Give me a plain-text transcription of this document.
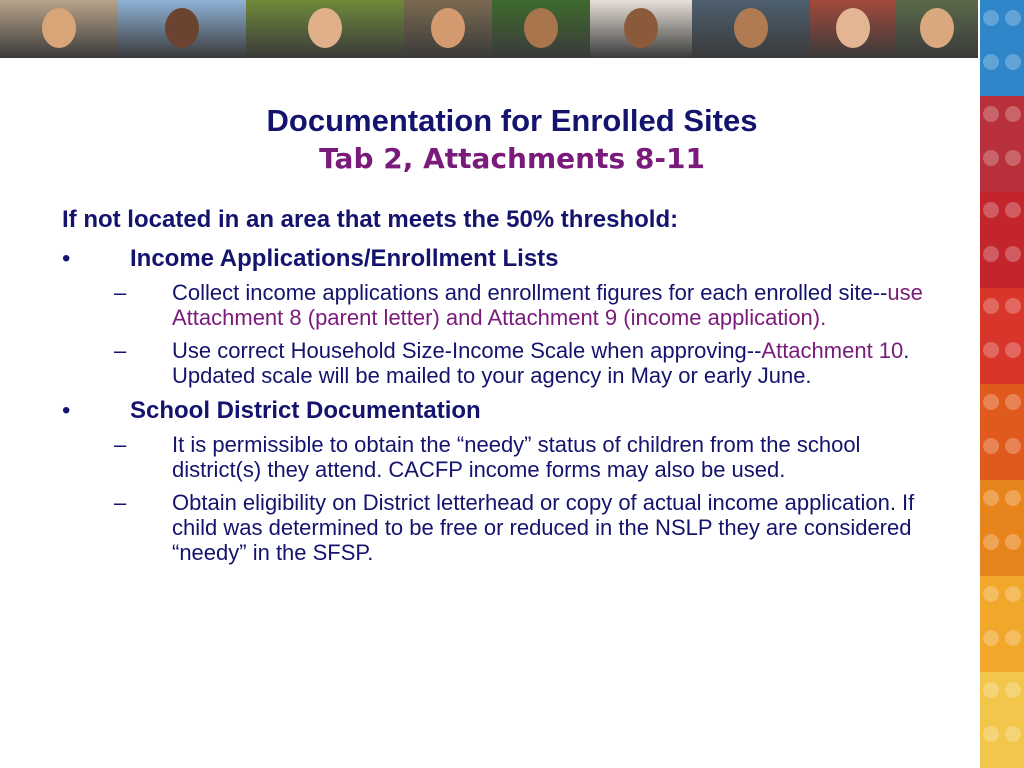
Documentation for Enrolled Sites
Tab 2, Attachments 8-11
If not located in an area that meets the 50% threshold:
• Income Applications/Enrollment Lists
– Collect income applications and enrollment figures for each enrolled site--use Attachment 8 (parent letter) and Attachment 9 (income application).
– Use correct Household Size-Income Scale when approving--Attachment 10. Updated scale will be mailed to your agency in May or early June.
• School District Documentation
– It is permissible to obtain the “needy” status of children from the school district(s) they attend. CACFP income forms may also be used.
– Obtain eligibility on District letterhead or copy of actual income application. If child was determined to be free or reduced in the NSLP they are considered “needy” in the SFSP.
